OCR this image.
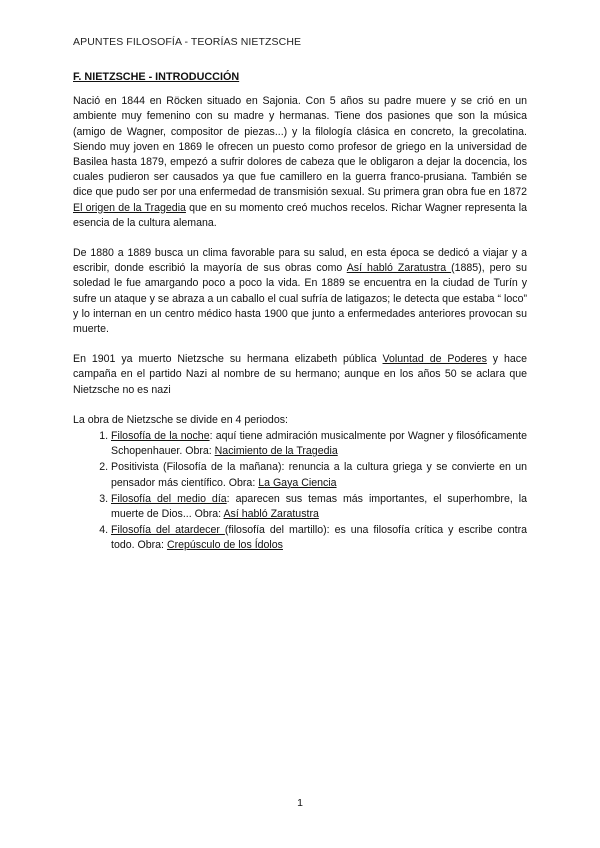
APUNTES FILOSOFÍA - TEORÍAS NIETZSCHE
F. NIETZSCHE - INTRODUCCIÓN

Nació en 1844 en Röcken situado en Sajonia. Con 5 años su padre muere y se crió en un ambiente muy femenino con su madre y hermanas. Tiene dos pasiones que son la música (amigo de Wagner, compositor de piezas...) y la filología clásica en concreto, la grecolatina. Siendo muy joven en 1869 le ofrecen un puesto como profesor de griego en la universidad de Basilea hasta 1879, empezó a sufrir dolores de cabeza que le obligaron a dejar la docencia, los cuales pudieron ser causados ya que fue camillero en la guerra franco-prusiana. También se dice que pudo ser por una enfermedad de transmisión sexual. Su primera gran obra fue en 1872 El origen de la Tragedia que en su momento creó muchos recelos. Richar Wagner representa la esencia de la cultura alemana.

De 1880 a 1889 busca un clima favorable para su salud, en esta época se dedicó a viajar y a escribir, donde escribió la mayoría de sus obras como Así habló Zaratustra (1885), pero su soledad le fue amargando poco a poco la vida. En 1889 se encuentra en la ciudad de Turín y sufre un ataque y se abraza a un caballo el cual sufría de latigazos; le detecta que estaba “ loco” y lo internan en un centro médico hasta 1900 que junto a enfermedades anteriores provocan su muerte.

En 1901 ya muerto Nietzsche su hermana elizabeth pública Voluntad de Poderes y hace campaña en el partido Nazi al nombre de su hermano; aunque en los años 50 se aclara que Nietzsche no es nazi

La obra de Nietzsche se divide en 4 periodos:
1. Filosofía de la noche: aquí tiene admiración musicalmente por Wagner y filosóficamente Schopenhauer. Obra: Nacimiento de la Tragedia
2. Positivista (Filosofía de la mañana): renuncia a la cultura griega y se convierte en un pensador más científico. Obra: La Gaya Ciencia
3. Filosofía del medio día: aparecen sus temas más importantes, el superhombre, la muerte de Dios... Obra: Así habló Zaratustra
4. Filosofía del atardecer (filosofía del martillo): es una filosofía crítica y escribe contra todo. Obra: Crepúsculo de los Ídolos
1
